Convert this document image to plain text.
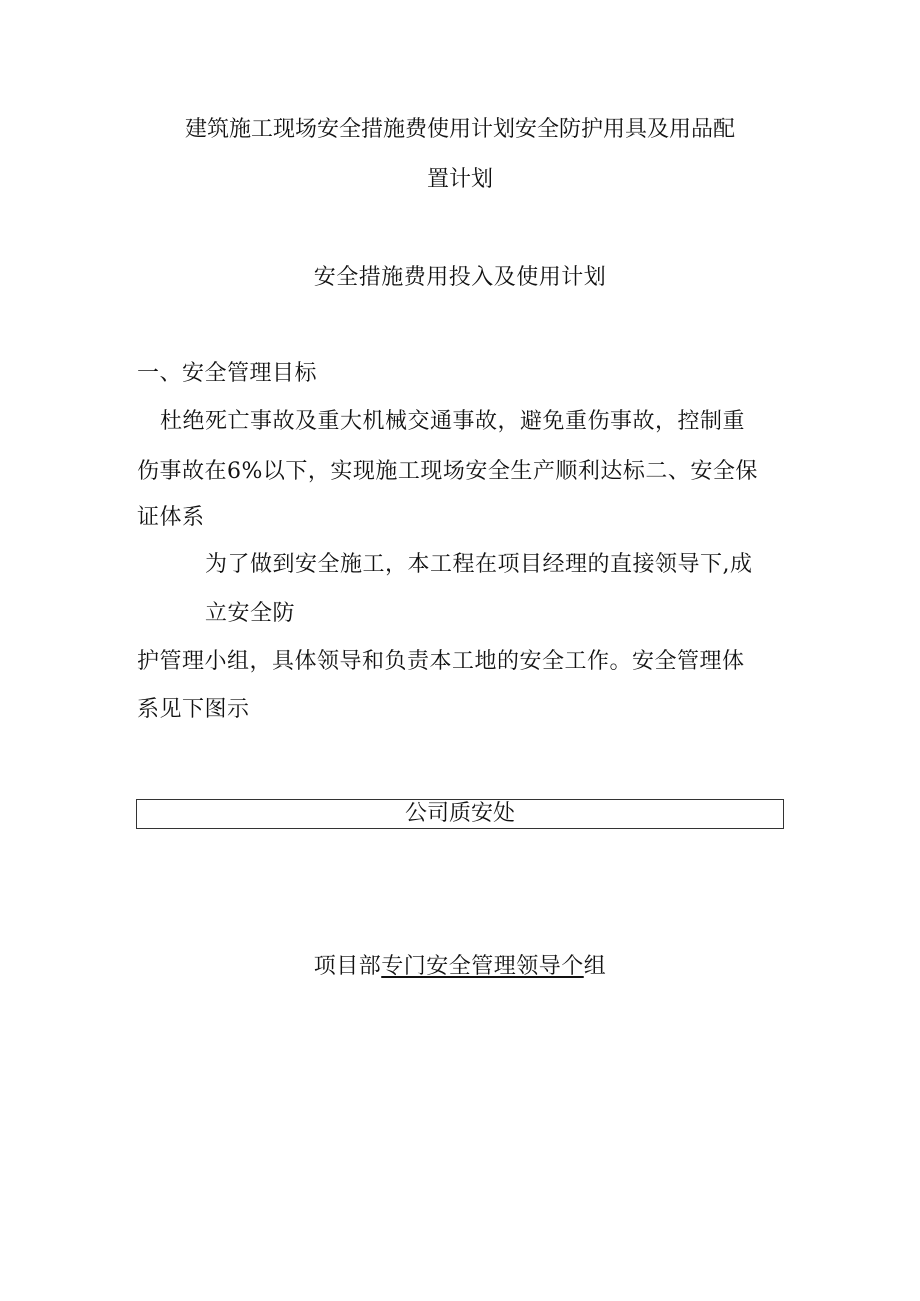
建筑施工现场安全措施费使用计划安全防护用具及用品配
置计划
安全措施费用投入及使用计划
一、安全管理目标
杜绝死亡事故及重大机械交通事故，避免重伤事故，控制重
伤事故在6%以下，实现施工现场安全生产顺利达标二、安全保
证体系
为了做到安全施工，本工程在项目经理的直接领导下,成
立安全防
护管理小组，具体领导和负责本工地的安全工作。安全管理体
系见下图示
公司质安处
项目部专门安全管理领导个组
